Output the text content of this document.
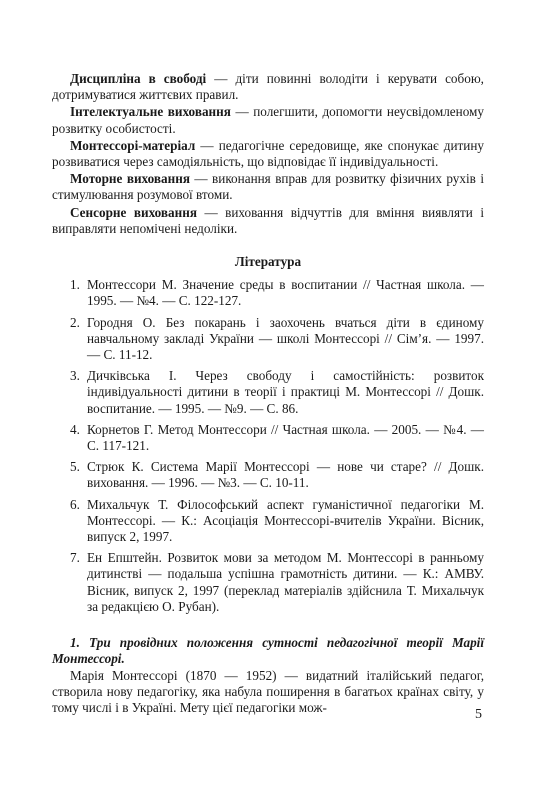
Дисципліна в свободі — діти повинні володіти і керувати собою, дотримуватися життєвих правил.

Інтелектуальне виховання — полегшити, допомогти неусвідомленому розвитку особистості.

Монтессорі-матеріал — педагогічне середовище, яке спонукає дитину розвиватися через самодіяльність, що відповідає її індивідуальності.

Моторне виховання — виконання вправ для розвитку фізичних рухів і стимулювання розумової втоми.

Сенсорне виховання — виховання відчуттів для вміння виявляти і виправляти непомічені недоліки.

Література
1. Монтессори М. Значение среды в воспитании // Частная школа. — 1995. — №4. — С. 122-127.
2. Городня О. Без покарань і заохочень вчаться діти в єдиному навчальному закладі України — школі Монтессорі // Сім’я. — 1997. — С. 11-12.
3. Дичківська І. Через свободу і самостійність: розвиток індивідуальності дитини в теорії і практиці М. Монтессорі // Дошк. воспитание. — 1995. — №9. — С. 86.
4. Корнетов Г. Метод Монтессори // Частная школа. — 2005. — №4. — С. 117-121.
5. Стрюк К. Система Марії Монтессорі — нове чи старе? // Дошк. виховання. — 1996. — №3. — С. 10-11.
6. Михальчук Т. Філософський аспект гуманістичної педагогіки М. Монтессорі. — К.: Асоціація Монтессорі-вчителів України. Вісник, випуск 2, 1997.
7. Ен Епштейн. Розвиток мови за методом М. Монтессорі в ранньому дитинстві — подальша успішна грамотність дитини. — К.: АМВУ. Вісник, випуск 2, 1997 (переклад матеріалів здійснила Т. Михальчук за редакцією О. Рубан).
1. Три провідних положення сутності педагогічної теорії Марії Монтессорі.

Марія Монтессорі (1870 — 1952) — видатний італійський педагог, створила нову педагогіку, яка набула поширення в багатьох країнах світу, у тому числі і в Україні. Мету цієї педагогіки мож-	5
